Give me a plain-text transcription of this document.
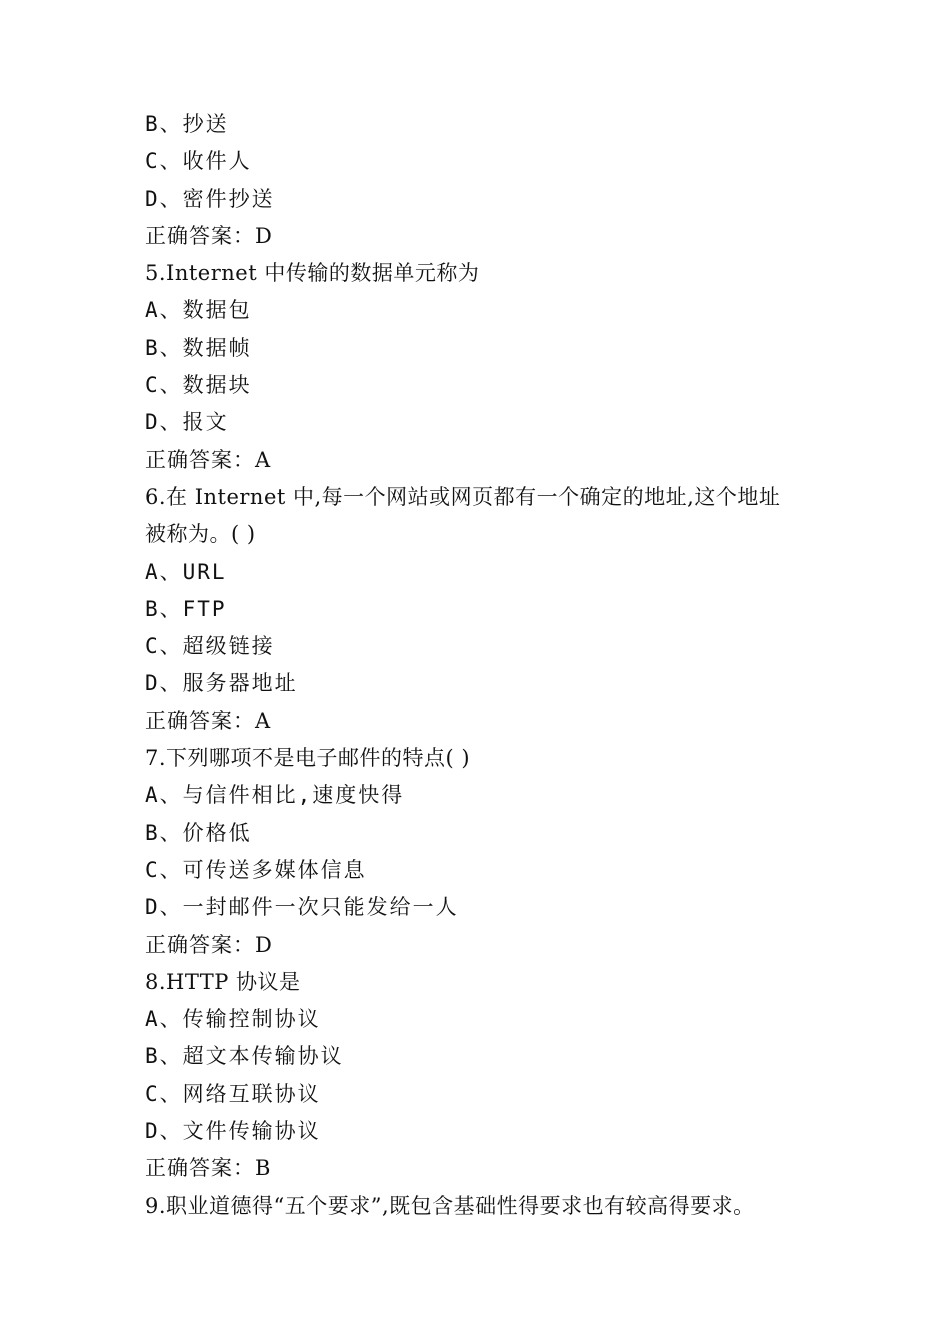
B、抄送
C、收件人
D、密件抄送
正确答案：D
5.Internet 中传输的数据单元称为
A、数据包
B、数据帧
C、数据块
D、报文
正确答案：A
6.在 Internet 中,每一个网站或网页都有一个确定的地址,这个地址
被称为。( )
A、URL
B、FTP
C、超级链接
D、服务器地址
正确答案：A
7.下列哪项不是电子邮件的特点( )
A、与信件相比,速度快得
B、价格低
C、可传送多媒体信息
D、一封邮件一次只能发给一人
正确答案：D
8.HTTP 协议是
A、传输控制协议
B、超文本传输协议
C、网络互联协议
D、文件传输协议
正确答案：B
9.职业道德得“五个要求”,既包含基础性得要求也有较高得要求。
